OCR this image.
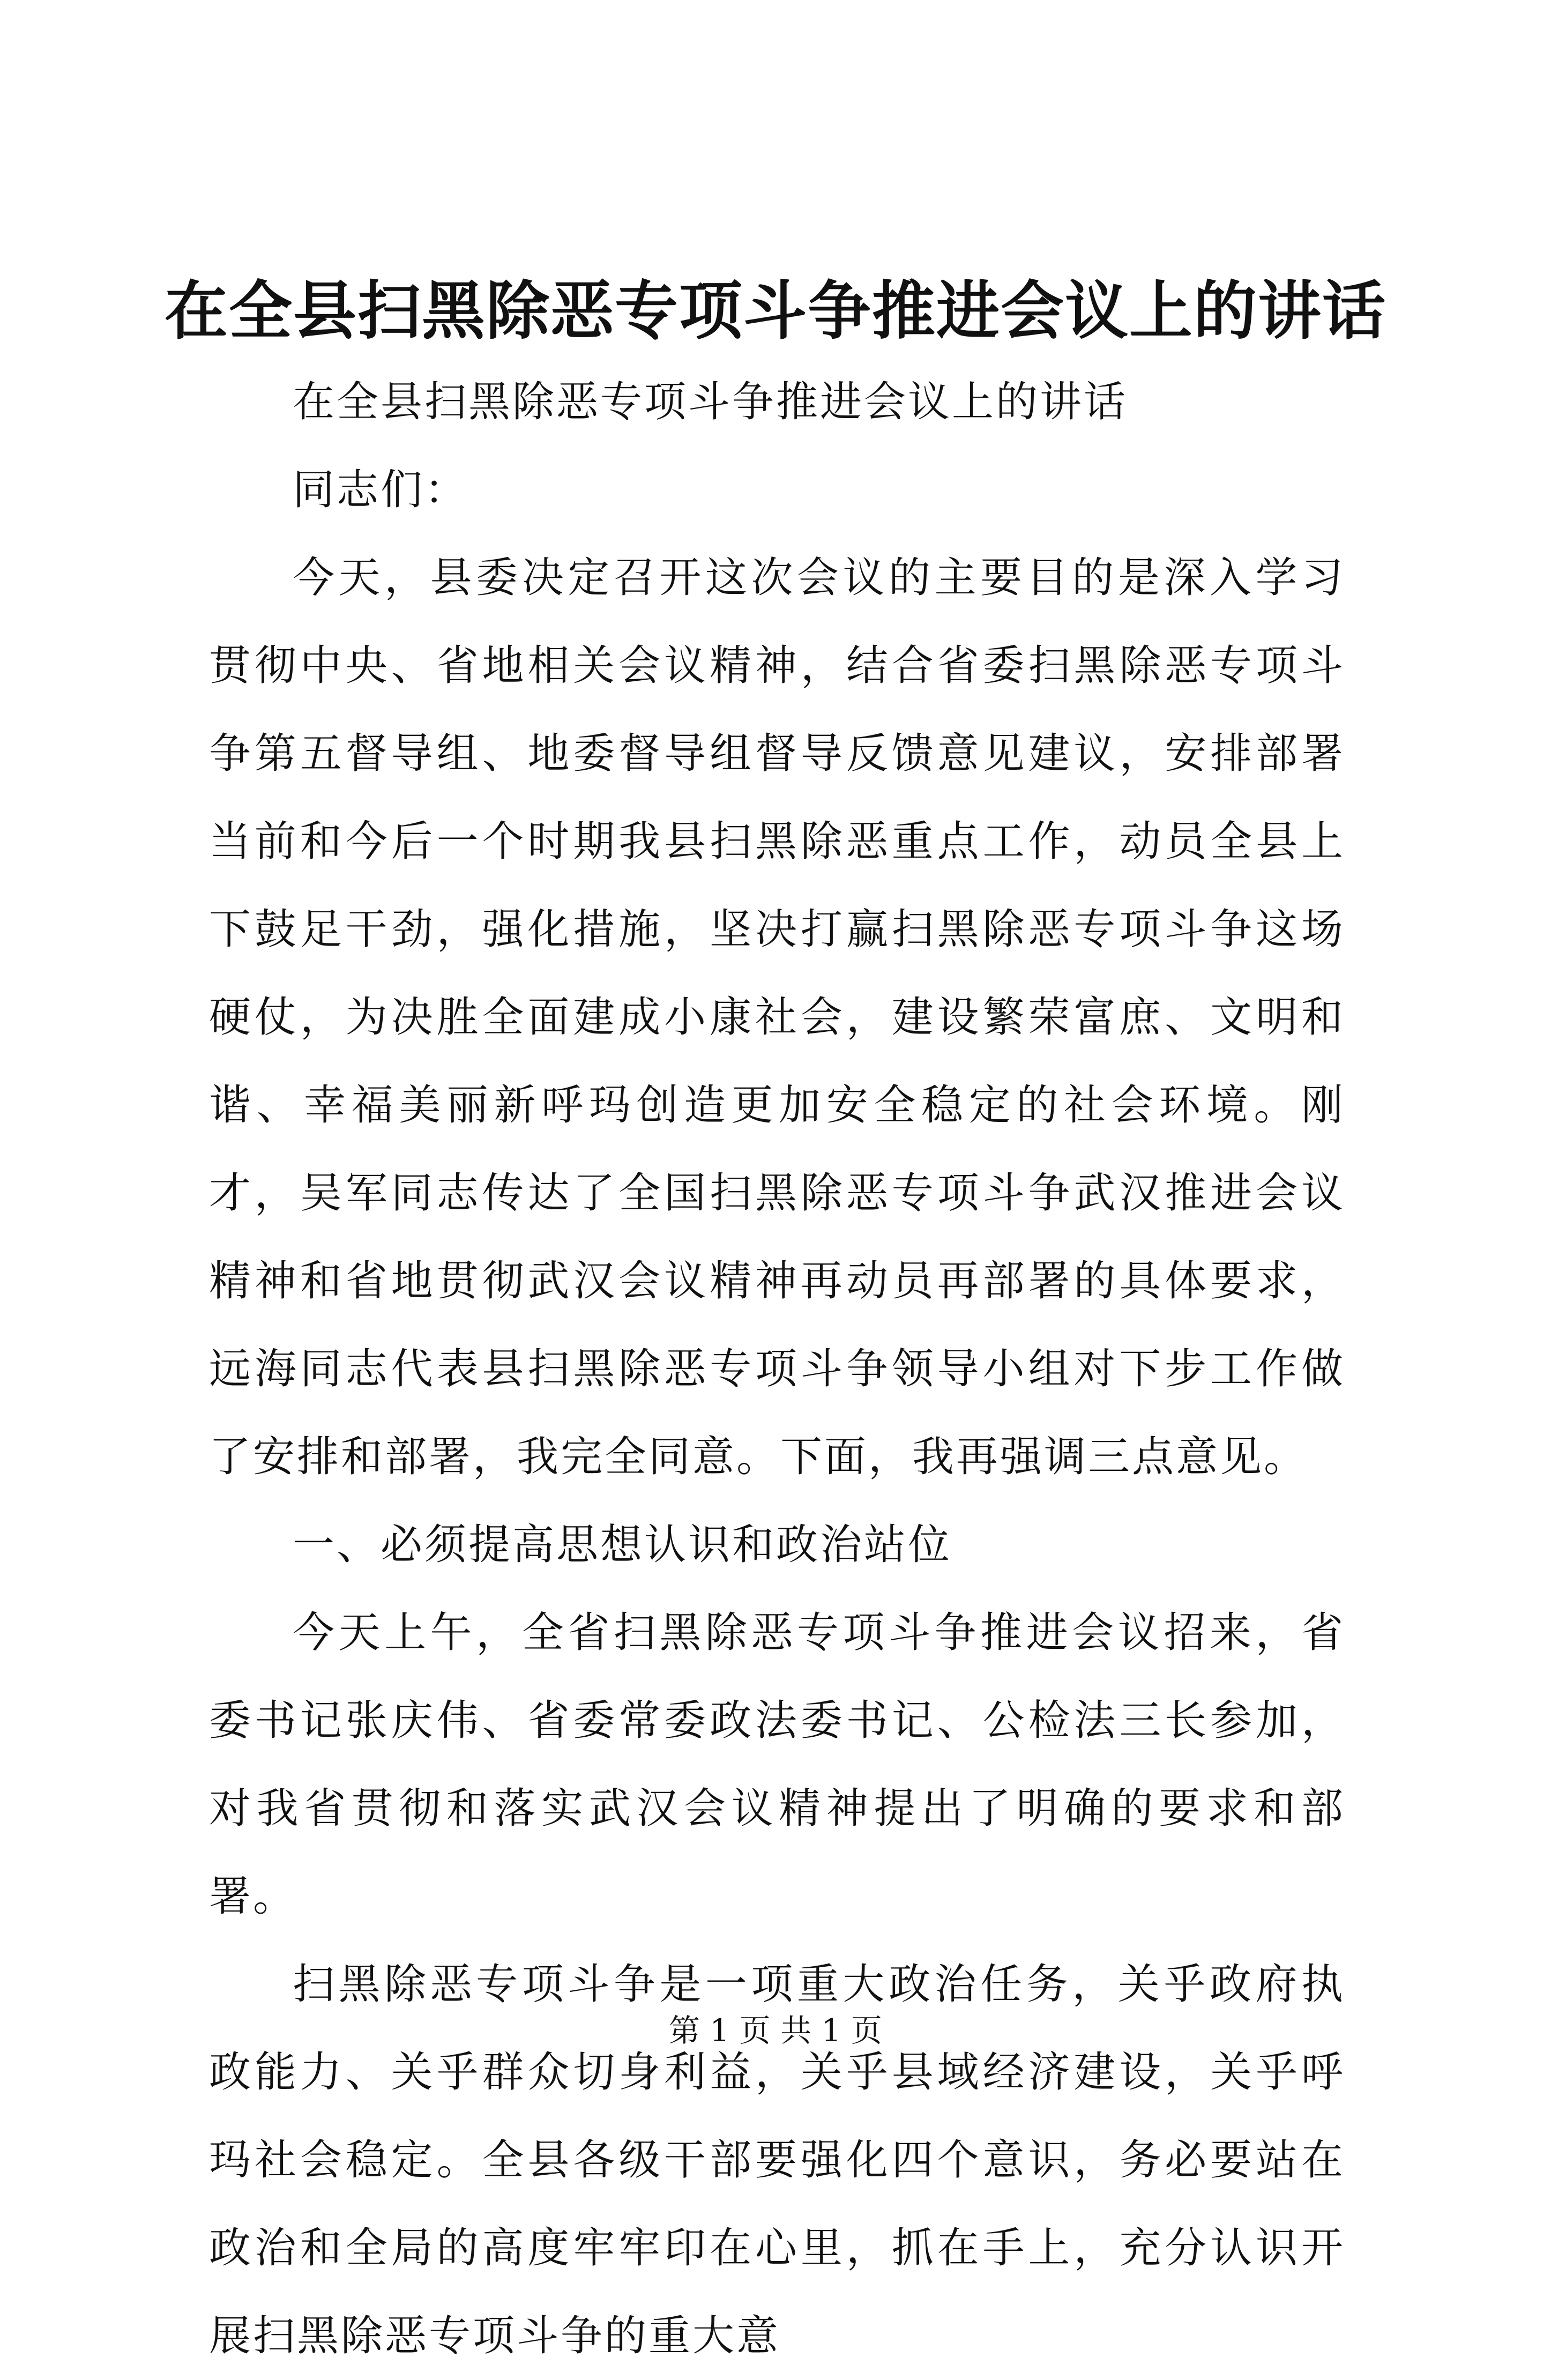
在全县扫黑除恶专项斗争推进会议上的讲话

在全县扫黑除恶专项斗争推进会议上的讲话

同志们：

今天，县委决定召开这次会议的主要目的是深入学习贯彻中央、省地相关会议精神，结合省委扫黑除恶专项斗争第五督导组、地委督导组督导反馈意见建议，安排部署当前和今后一个时期我县扫黑除恶重点工作，动员全县上下鼓足干劲，强化措施，坚决打赢扫黑除恶专项斗争这场硬仗，为决胜全面建成小康社会，建设繁荣富庶、文明和谐、幸福美丽新呼玛创造更加安全稳定的社会环境。刚才，吴军同志传达了全国扫黑除恶专项斗争武汉推进会议精神和省地贯彻武汉会议精神再动员再部署的具体要求，远海同志代表县扫黑除恶专项斗争领导小组对下步工作做了安排和部署，我完全同意。下面，我再强调三点意见。

一、必须提高思想认识和政治站位

今天上午，全省扫黑除恶专项斗争推进会议招来，省委书记张庆伟、省委常委政法委书记、公检法三长参加，对我省贯彻和落实武汉会议精神提出了明确的要求和部署。

扫黑除恶专项斗争是一项重大政治任务，关乎政府执政能力、关乎群众切身利益，关乎县域经济建设，关乎呼玛社会稳定。全县各级干部要强化四个意识，务必要站在政治和全局的高度牢牢印在心里，抓在手上，充分认识开展扫黑除恶专项斗争的重大意

第 1 页 共 1 页
